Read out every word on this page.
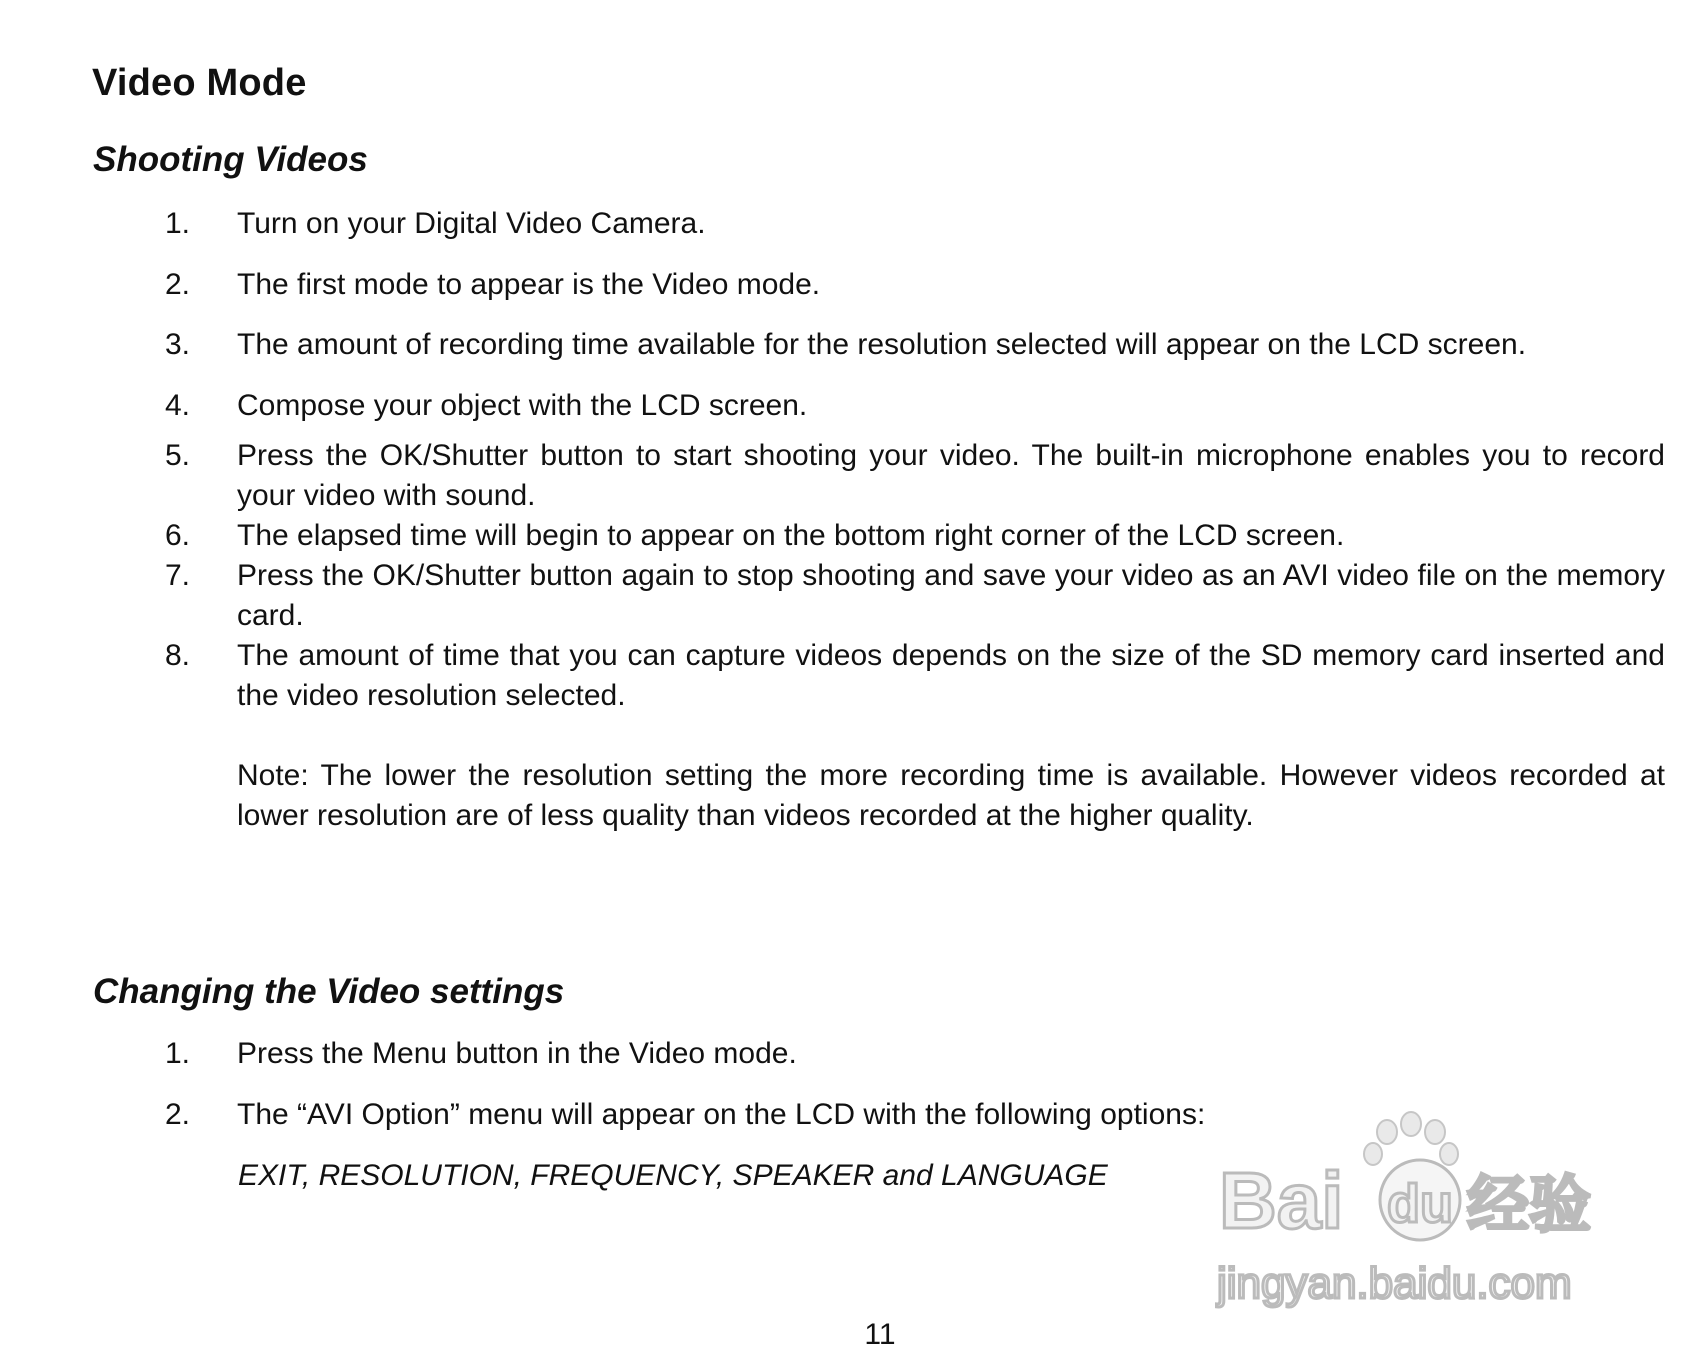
Video Mode
Shooting Videos
1.	Turn on your Digital Video Camera.
2.	The first mode to appear is the Video mode.
3.	The amount of recording time available for the resolution selected will appear on the LCD screen.
4.	Compose your object with the LCD screen.
5.	Press the OK/Shutter button to start shooting your video. The built-in microphone enables you to record your video with sound.
6.	The elapsed time will begin to appear on the bottom right corner of the LCD screen.
7.	Press the OK/Shutter button again to stop shooting and save your video as an AVI video file on the memory card.
8.	The amount of time that you can capture videos depends on the size of the SD memory card inserted and the video resolution selected.
Note: The lower the resolution setting the more recording time is available. However videos recorded at lower resolution are of less quality than videos recorded at the higher quality.
Changing the Video settings
1.	Press the Menu button in the Video mode.
2.	The “AVI Option” menu will appear on the LCD with the following options:
EXIT, RESOLUTION, FREQUENCY, SPEAKER and LANGUAGE
11
Bai du 经验
jingyan.baidu.com
